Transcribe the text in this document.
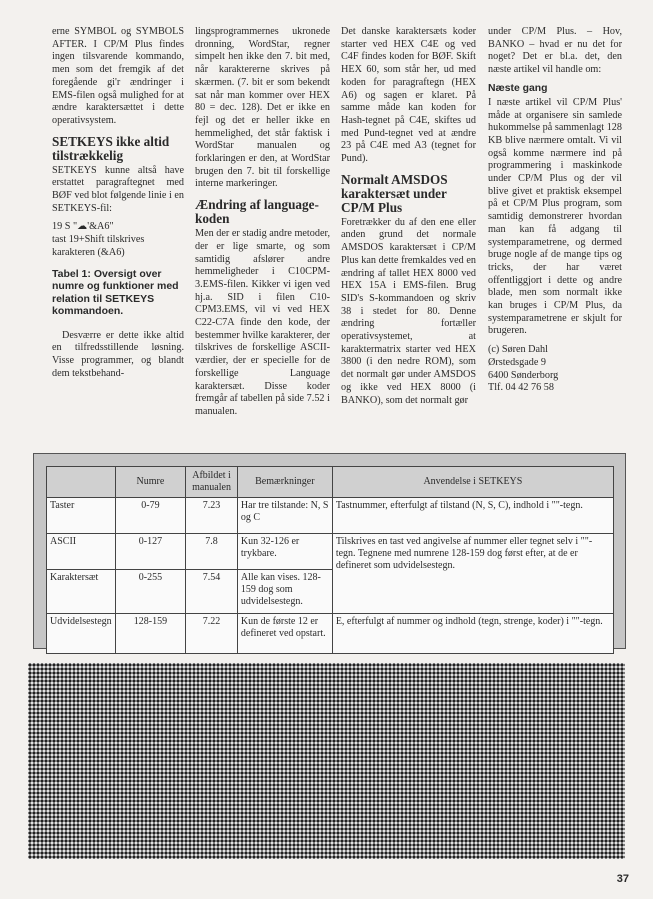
erne SYMBOL og SYMBOLS AFTER. I CP/M Plus findes ingen tilsvarende kommando, men som det fremgik af det foregående gi'r ændringer i EMS-filen også mulighed for at ændre karaktersættet i dette operativsystem.

SETKEYS ikke altid tilstrækkelig

SETKEYS kunne altså have erstattet paragraftegnet med BØF ved blot følgende linie i en SETKEYS-fil:

19 S "☁'&A6"

tast 19+Shift tilskrives karakteren (&A6)

Tabel 1: Oversigt over numre og funktioner med relation til SETKEYS kommandoen.

Desværre er dette ikke altid en tilfredsstillende løsning. Visse programmer, og blandt dem tekstbehand-

lingsprogrammernes ukronede dronning, WordStar, regner simpelt hen ikke den 7. bit med, når karaktererne skrives på skærmen. (7. bit er som bekendt sat når man kommer over HEX 80 = dec. 128). Det er ikke en fejl og det er heller ikke en hemmelighed, det står faktisk i WordStar manualen og forklaringen er den, at WordStar brugen den 7. bit til forskellige interne markeringer.

Ændring af language-koden

Men der er stadig andre metoder, der er lige smarte, og som samtidig afslører andre hemmeligheder i C10CPM-3.EMS-filen. Kikker vi igen ved hj.a. SID i filen C10-CPM3.EMS, vil vi ved HEX C22-C7A finde den kode, der bestemmer hvilke karakterer, der tilskrives de forskellige ASCII-værdier, der er specielle for de forskellige Language karaktersæt. Disse koder fremgår af tabellen på side 7.52 i manualen.

Det danske karaktersæts koder starter ved HEX C4E og ved C4F findes koden for BØF. Skift HEX 60, som står her, ud med koden for paragraftegn (HEX A6) og sagen er klaret. På samme måde kan koden for Hash-tegnet på C4E, skiftes ud med Pund-tegnet ved at ændre 23 på C4E med A3 (tegnet for Pund).

Normalt AMSDOS karaktersæt under CP/M Plus

Foretrækker du af den ene eller anden grund det normale AMSDOS karaktersæt i CP/M Plus kan dette fremkaldes ved en ændring af tallet HEX 8000 ved HEX 15A i EMS-filen. Brug SID's S-kommandoen og skriv 38 i stedet for 80. Denne ændring fortæller operativsystemet, at karaktermatrix starter ved HEX 3800 (i den nedre ROM), som det normalt gør under AMSDOS og ikke ved HEX 8000 (i BANKO), som det normalt gør

under CP/M Plus. – Hov, BANKO – hvad er nu det for noget? Det er bl.a. det, den næste artikel vil handle om:

Næste gang

I næste artikel vil CP/M Plus' måde at organisere sin samlede hukommelse på sammenlagt 128 KB blive nærmere omtalt. Vi vil også komme nærmere ind på programmering i maskinkode under CP/M Plus og der vil blive givet et praktisk eksempel på et CP/M Plus program, som samtidig demonstrerer hvordan man kan få adgang til systemparametrene, og dermed bruge nogle af de mange tips og tricks, der har været offentliggjort i dette og andre blade, men som normalt ikke kan bruges i CP/M Plus, da systemparametrene er skjult for brugeren.

(c) Søren Dahl
Ørstedsgade 9
6400 Sønderborg
Tlf. 04 42 76 58
	Numre	Afbildet i manualen	Bemærkninger	Anvendelse i SETKEYS
Taster	0-79	7.23	Har tre tilstande: N, S og C	Tastnummer, efterfulgt af tilstand (N, S, C), indhold i ""-tegn.
ASCII	0-127	7.8	Kun 32-126 er trykbare.	Tilskrives en tast ved angivelse af nummer eller tegnet selv i ""-tegn. Tegnene med numrene 128-159 dog først efter, at de er defineret som udvidelsestegn.
Karaktersæt	0-255	7.54	Alle kan vises. 128-159 dog som udvidelsestegn.	
Udvidelsestegn	128-159	7.22	Kun de første 12 er defineret ved opstart.	E, efterfulgt af nummer og indhold (tegn, strenge, koder) i ""-tegn.
37
